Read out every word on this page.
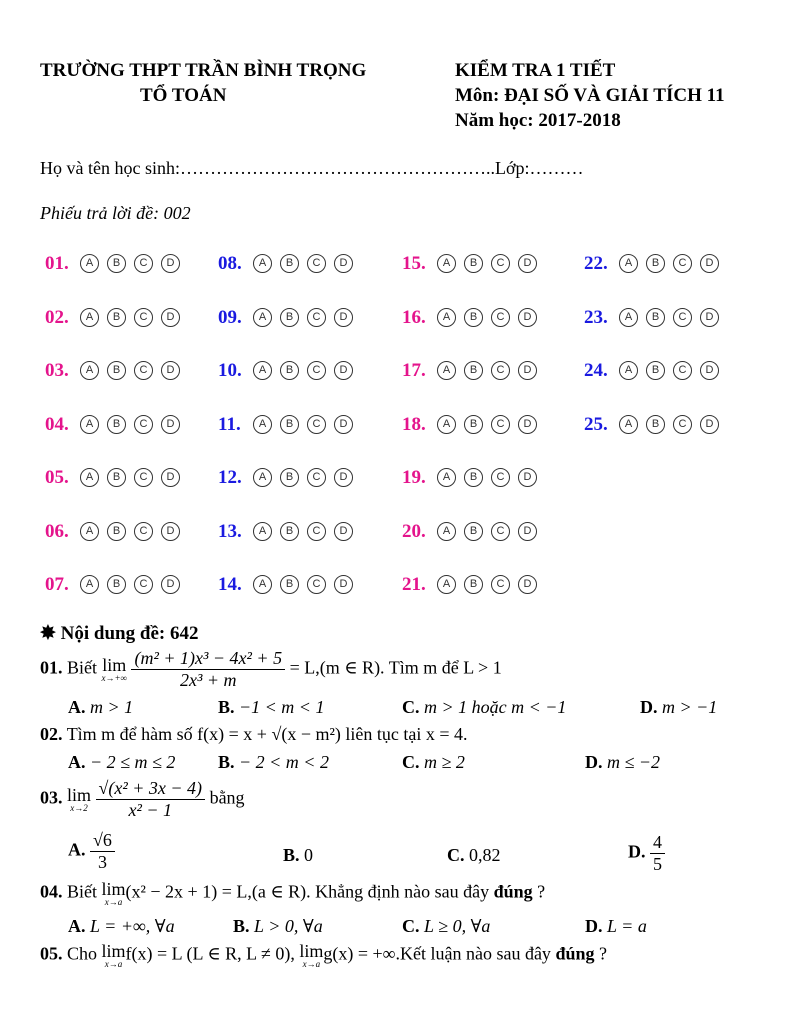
TRƯỜNG THPT TRẦN BÌNH TRỌNG
TỔ TOÁN
KIỂM TRA 1 TIẾT
Môn: ĐẠI SỐ VÀ GIẢI TÍCH 11
Năm học: 2017-2018
Họ và tên học sinh:……………………………………………..Lớp:………
Phiếu trả lời đề: 002
01.	A	B	C	D
02.	A	B	C	D
03.	A	B	C	D
04.	A	B	C	D
05.	A	B	C	D
06.	A	B	C	D
07.	A	B	C	D
08.	A	B	C	D
09.	A	B	C	D
10.	A	B	C	D
11.	A	B	C	D
12.	A	B	C	D
13.	A	B	C	D
14.	A	B	C	D
15.	A	B	C	D
16.	A	B	C	D
17.	A	B	C	D
18.	A	B	C	D
19.	A	B	C	D
20.	A	B	C	D
21.	A	B	C	D
22.	A	B	C	D
23.	A	B	C	D
24.	A	B	C	D
25.	A	B	C	D
✸ Nội dung đề: 642
01. Biết lim
x→+∞
$\frac{\text{(m² + 1)x³ − 4x² + 5}}{\text{2x³ + m}} = L,(m$ ∈ R). Tìm m để L > 1
A. m > 1	B. −1 < m < 1	C. m > 1 hoặc m < −1	D. m > −1
02. Tìm m để hàm số f(x) = x + √(x − m²) liên tục tại x = 4.
A. − 2 ≤ m ≤ 2 B. − 2 < m < 2	C. m ≥ 2	D. m ≤ −2
03. lim
x→2
$\frac{\text{√(x² + 3x − 4)}}{\text{x² − 1}}$ bằng
A. $\frac{√6}{3}$	B. 0	C. 0,82	D. $\frac{4}{5}$
04. Biết lim
x→a
(x² − 2x + 1) = L,(a ∈ R). Khẳng định nào sau đây đúng ?
A. L = +∞, ∀a	B. L > 0, ∀a	C. L ≥ 0, ∀a	D. L = a
05. Cho lim
x→a
f(x) = L (L ∈ R, L ≠ 0), lim
x→a
g(x) = +∞.Kết luận nào sau đây đúng ?
